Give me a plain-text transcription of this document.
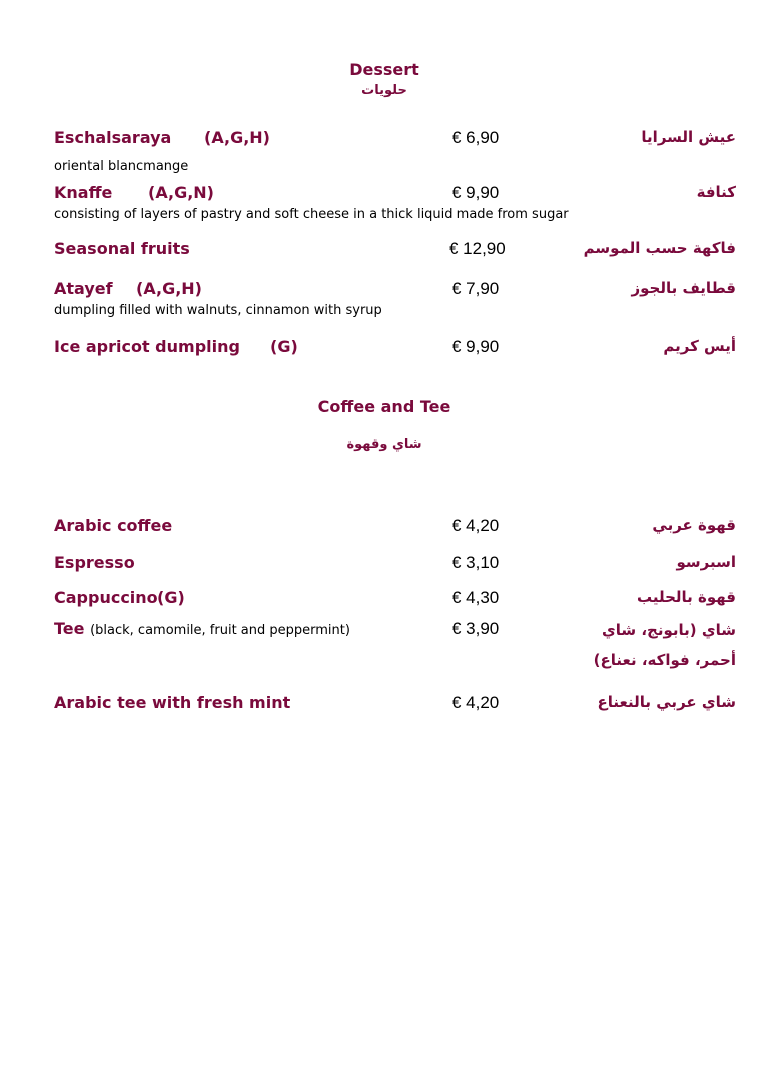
Dessert
حلويات
Eschalsaraya (A,G,H)	€ 6,90	عيش السرايا
oriental blancmange
Knaffe (A,G,N)	€ 9,90	كنافة
consisting of layers of pastry and soft cheese in a thick liquid made from sugar
Seasonal fruits	€ 12,90	فاكهة حسب الموسم
Atayef (A,G,H)	€ 7,90	قطايف بالجوز
dumpling filled with walnuts, cinnamon with syrup
Ice apricot dumpling (G)	€ 9,90	أيس كريم
Coffee and Tee
شاي وقهوة
Arabic coffee	€ 4,20	قهوة عربي
Espresso	€ 3,10	اسبرسو
Cappuccino (G)	€ 4,30	قهوة بالحليب
Tee (black, camomile, fruit and peppermint)	€ 3,90	شاي (بابونج، شاي أحمر، فواكه، نعناع)
Arabic tee with fresh mint	€ 4,20	شاي عربي بالنعناع
